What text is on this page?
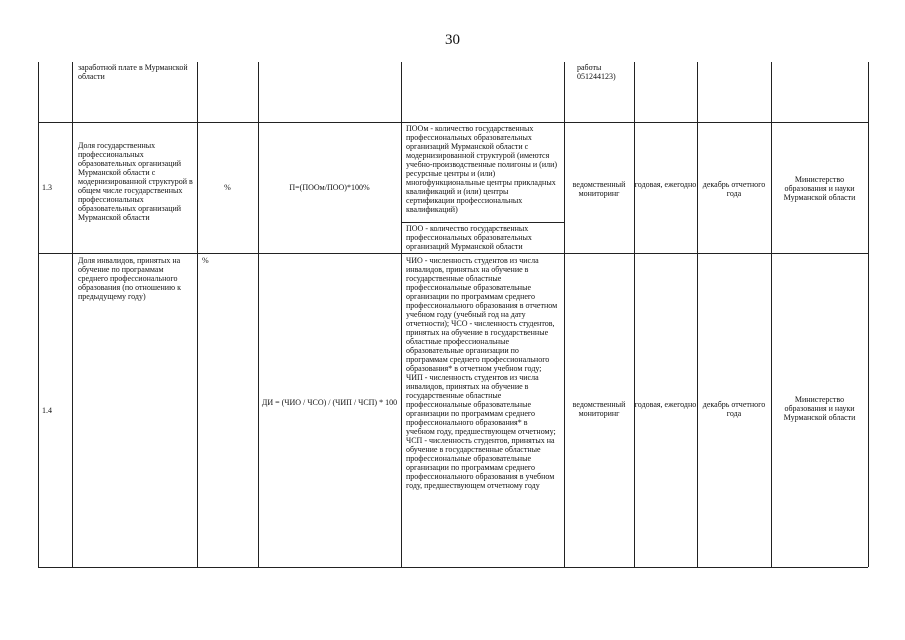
30
заработной плате в Мурманской области
работы 051244123)
1.3
Доля государственных профессиональных образовательных организаций Мурманской области с модернизированной структурой в общем числе государственных профессиональных образовательных организаций Мурманской области
%	П=(ПООм/ПОО)*100%
ПООм - количество государственных профессиональных образовательных организаций Мурманской области с модернизированной структурой (имеются учебно-производственные полигоны и (или) ресурсные центры и (или) многофункциональные центры прикладных квалификаций и (или) центры сертификации профессиональных квалификаций)
ПОО - количество государственных профессиональных образовательных организаций Мурманской области
ведомственный мониторинг
годовая, ежегодно декабрь отчетного года
Министерство образования и науки Мурманской области
1.4
Доля инвалидов, принятых на обучение по программам среднего профессионального образования (по отношению к предыдущему году)
%
ДИ = (ЧИО / ЧСО) / (ЧИП / ЧСП) * 100
ЧИО - численность студентов из числа инвалидов, принятых на обучение в государственные областные профессиональные образовательные организации по программам среднего профессионального образования в отчетном учебном году (учебный год на дату отчетности); ЧСО - численность студентов, принятых на обучение в государственные областные профессиональные образовательные организации по программам среднего профессионального образования* в отчетном учебном году; ЧИП - численность студентов из числа инвалидов, принятых на обучение в государственные областные профессиональные образовательные организации по программам среднего профессионального образования* в учебном году, предшествующем отчетному; ЧСП - численность студентов, принятых на обучение в государственные областные профессиональные образовательные организации по программам среднего профессионального образования в учебном году, предшествующем отчетному году
ведомственный мониторинг
годовая, ежегодно декабрь отчетного года
Министерство образования и науки Мурманской области
